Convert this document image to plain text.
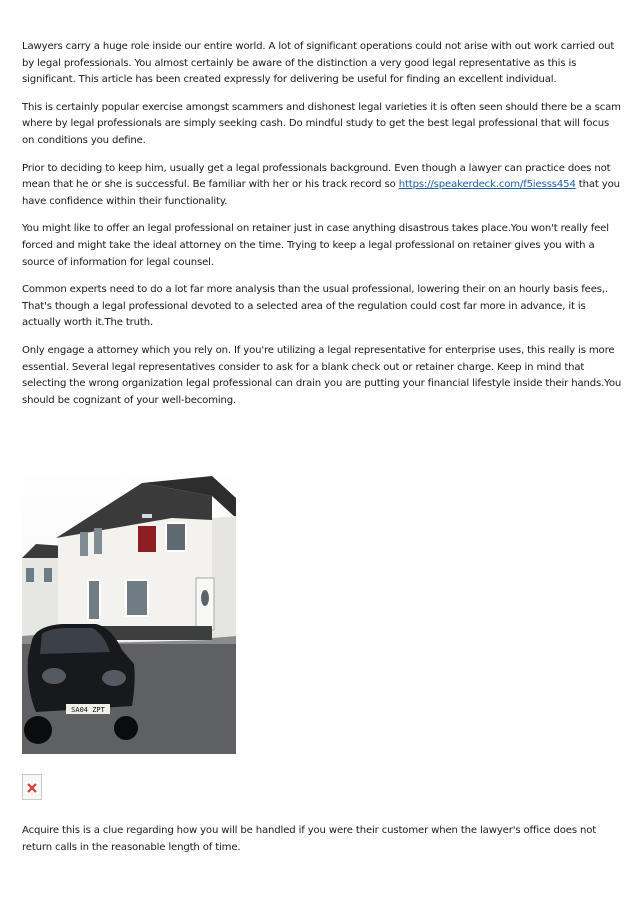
Lawyers carry a huge role inside our entire world. A lot of significant operations could not arise with out work carried out by legal professionals. You almost certainly be aware of the distinction a very good legal representative as this is significant. This article has been created expressly for delivering be useful for finding an excellent individual.

This is certainly popular exercise amongst scammers and dishonest legal varieties it is often seen should there be a scam where by legal professionals are simply seeking cash. Do mindful study to get the best legal professional that will focus on conditions you define.

Prior to deciding to keep him, usually get a legal professionals background. Even though a lawyer can practice does not mean that he or she is successful. Be familiar with her or his track record so https://speakerdeck.com/f5iesss454 that you have confidence within their functionality.

You might like to offer an legal professional on retainer just in case anything disastrous takes place.You won't really feel forced and might take the ideal attorney on the time. Trying to keep a legal professional on retainer gives you with a source of information for legal counsel.

Common experts need to do a lot far more analysis than the usual professional, lowering their on an hourly basis fees,. That's though a legal professional devoted to a selected area of the regulation could cost far more in advance, it is actually worth it.The truth.

Only engage a attorney which you rely on. If you're utilizing a legal representative for enterprise uses, this really is more essential. Several legal representatives consider to ask for a blank check out or retainer charge. Keep in mind that selecting the wrong organization legal professional can drain you are putting your financial lifestyle inside their hands.You should be cognizant of your well-becoming.

SA04 ZPT

Acquire this is a clue regarding how you will be handled if you were their customer when the lawyer's office does not return calls in the reasonable length of time.
